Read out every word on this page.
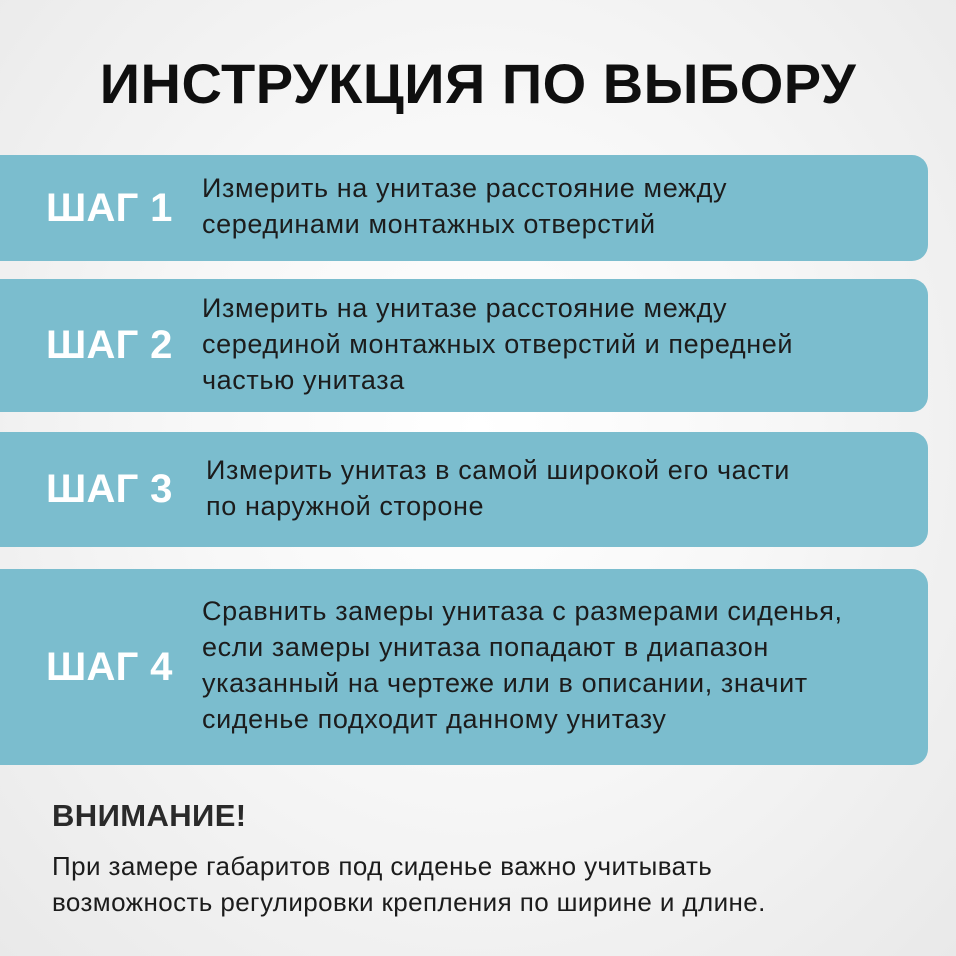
ИНСТРУКЦИЯ ПО ВЫБОРУ
ШАГ 1 Измерить на унитазе расстояние между
серединами монтажных отверстий
ШАГ 2
Измерить на унитазе расстояние между
серединой монтажных отверстий и передней
частью унитаза
ШАГ 3 Измерить унитаз в самой широкой его части
по наружной стороне
ШАГ 4
Сравнить замеры унитаза с размерами сиденья,
если замеры унитаза попадают в диапазон
указанный на чертеже или в описании, значит
сиденье подходит данному унитазу
ВНИМАНИЕ!
При замере габаритов под сиденье важно учитывать
возможность регулировки крепления по ширине и длине.
